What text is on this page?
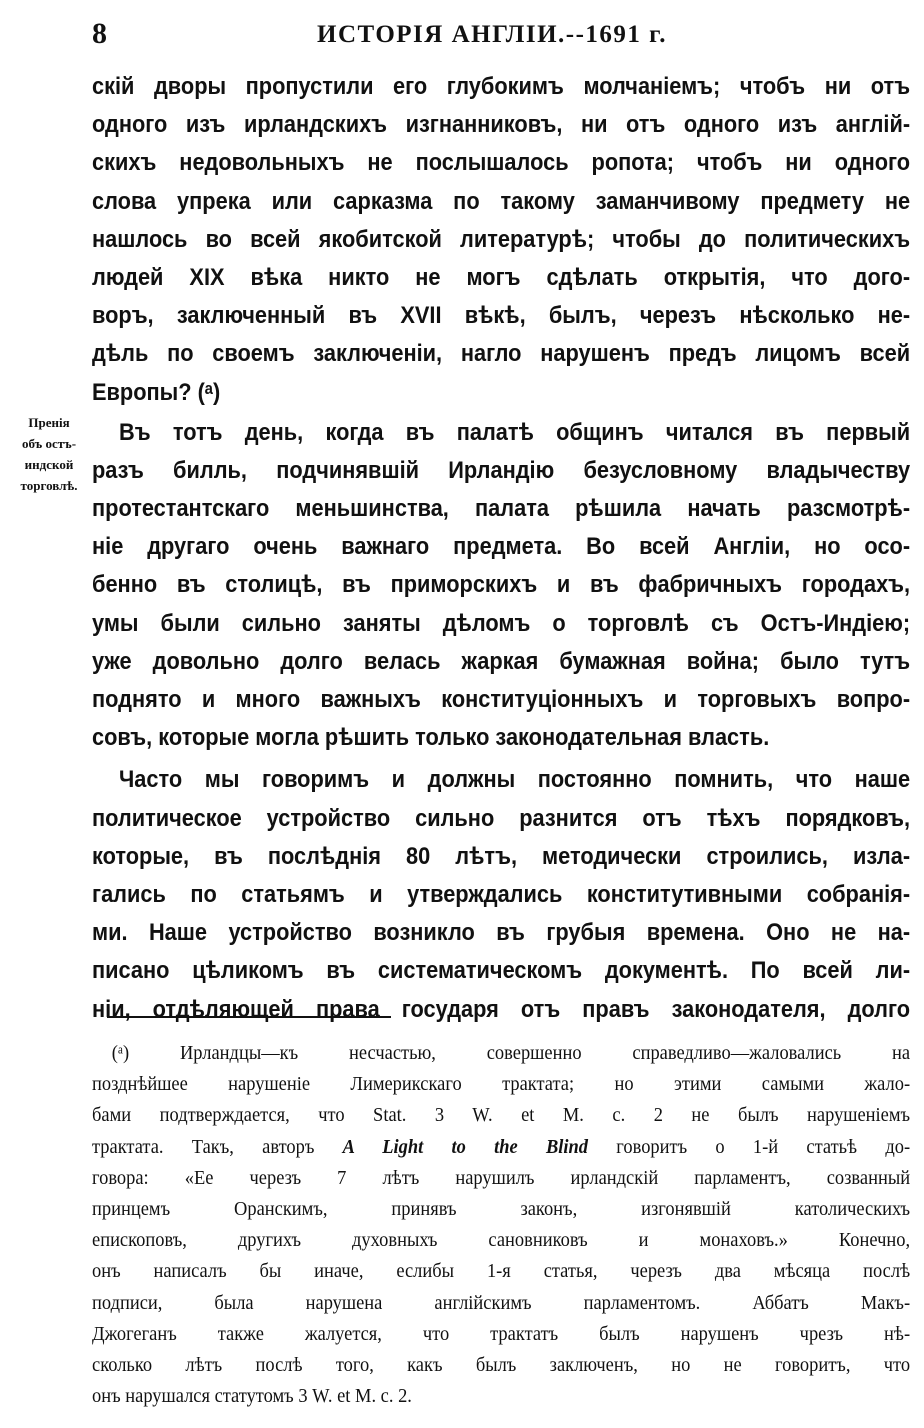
8	ИСТОРІЯ АНГЛІИ.--1691 г.
Пренія
объ остъ-
индской
торговлѣ.

скій дворы пропустили его глубокимъ молчаніемъ; чтобъ ни отъ
одного изъ ирландскихъ изгнанниковъ, ни отъ одного изъ англій-
скихъ недовольныхъ не послышалось ропота; чтобъ ни одного
слова упрека или сарказма по такому заманчивому предмету не
нашлось во всей якобитской литературѣ; чтобы до политическихъ
людей XIX вѣка никто не могъ сдѣлать открытія, что дого-
воръ, заключенный въ XVII вѣкѣ, былъ, черезъ нѣсколько не-
дѣль по своемъ заключеніи, нагло нарушенъ предъ лицомъ всей
Европы? (ᵃ)

Въ тотъ день, когда въ палатѣ общинъ читался въ первый
разъ билль, подчинявшій Ирландію безусловному владычеству
протестантскаго меньшинства, палата рѣшила начать разсмотрѣ-
ніе другаго очень важнаго предмета. Во всей Англіи, но осо-
бенно въ столицѣ, въ приморскихъ и въ фабричныхъ городахъ,
умы были сильно заняты дѣломъ о торговлѣ съ Остъ-Индіею;
уже довольно долго велась жаркая бумажная война; было тутъ
поднято и много важныхъ конституціонныхъ и торговыхъ вопро-
совъ, которые могла рѣшить только законодательная власть.

Часто мы говоримъ и должны постоянно помнить, что наше
политическое устройство сильно разнится отъ тѣхъ порядковъ,
которые, въ послѣднія 80 лѣтъ, методически строились, изла-
гались по статьямъ и утверждались конститутивными собранія-
ми. Наше устройство возникло въ грубыя времена. Оно не на-
писано цѣликомъ въ систематическомъ документѣ. По всей ли-
ніи, отдѣляющей права государя отъ правъ законодателя, долго

(ᵃ) Ирландцы—къ несчастью, совершенно справедливо—жаловались на
позднѣйшее нарушеніе Лимерикскаго трактата; но этими самыми жало-
бами подтверждается, что Stat. 3 W. et M. c. 2 не былъ нарушеніемъ
трактата. Такъ, авторъ A Light to the Blind говоритъ о 1-й статьѣ до-
говора: «Ее черезъ 7 лѣтъ нарушилъ ирландскій парламентъ, созванный
принцемъ Оранскимъ, принявъ законъ, изгонявшій католическихъ
епископовъ, другихъ духовныхъ сановниковъ и монаховъ.» Конечно,
онъ написалъ бы иначе, еслибы 1-я статья, черезъ два мѣсяца послѣ
подписи, была нарушена англійскимъ парламентомъ. Аббатъ Макъ-
Джогеганъ также жалуется, что трактатъ былъ нарушенъ чрезъ нѣ-
сколько лѣтъ послѣ того, какъ былъ заключенъ, но не говоритъ, что
онъ нарушался статутомъ 3 W. et M. c. 2.
